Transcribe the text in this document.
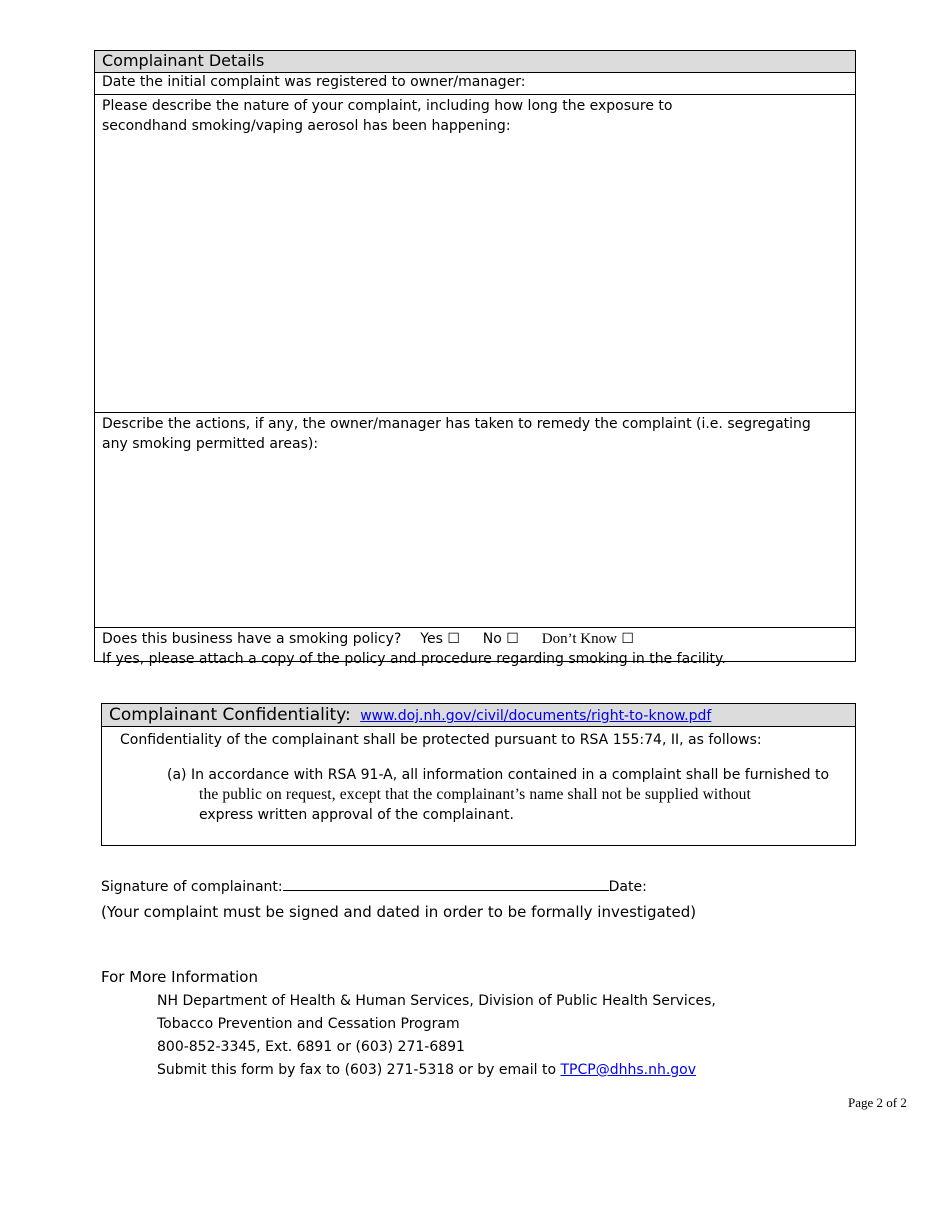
Complainant Details
Date the initial complaint was registered to owner/manager:
Please describe the nature of your complaint, including how long the exposure to secondhand smoking/vaping aerosol has been happening:
Describe the actions, if any, the owner/manager has taken to remedy the complaint (i.e. segregating any smoking permitted areas):
Does this business have a smoking policy? Yes ☐ No ☐ Don’t Know ☐
If yes, please attach a copy of the policy and procedure regarding smoking in the facility.
Complainant Confidentiality: www.doj.nh.gov/civil/documents/right-to-know.pdf
Confidentiality of the complainant shall be protected pursuant to RSA 155:74, II, as follows:
(a) In accordance with RSA 91-A, all information contained in a complaint shall be furnished to
the public on request, except that the complainant’s name shall not be supplied without
express written approval of the complainant.
Signature of complainant:	Date:
(Your complaint must be signed and dated in order to be formally investigated)
For More Information
NH Department of Health & Human Services, Division of Public Health Services,
Tobacco Prevention and Cessation Program
800-852-3345, Ext. 6891 or (603) 271-6891
Submit this form by fax to (603) 271-5318 or by email to TPCP@dhhs.nh.gov
Page 2 of 2
